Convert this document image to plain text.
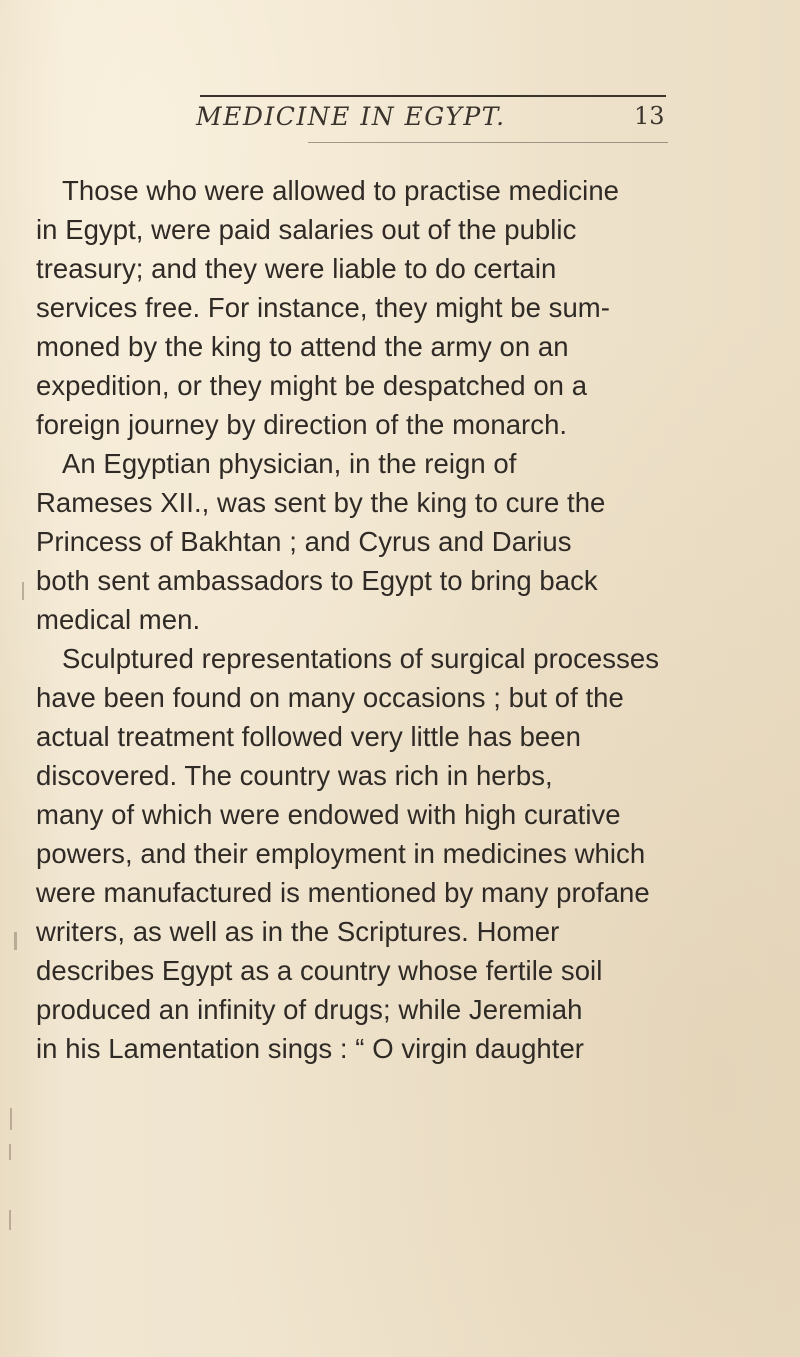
MEDICINE IN EGYPT.	13
Those who were allowed to practise medicine
in Egypt, were paid salaries out of the public
treasury; and they were liable to do certain
services free. For instance, they might be sum-
moned by the king to attend the army on an
expedition, or they might be despatched on a
foreign journey by direction of the monarch.
An Egyptian physician, in the reign of
Rameses XII., was sent by the king to cure the
Princess of Bakhtan ; and Cyrus and Darius
both sent ambassadors to Egypt to bring back
medical men.
Sculptured representations of surgical processes
have been found on many occasions ; but of the
actual treatment followed very little has been
discovered. The country was rich in herbs,
many of which were endowed with high curative
powers, and their employment in medicines which
were manufactured is mentioned by many profane
writers, as well as in the Scriptures. Homer
describes Egypt as a country whose fertile soil
produced an infinity of drugs; while Jeremiah
in his Lamentation sings : “ O virgin daughter
